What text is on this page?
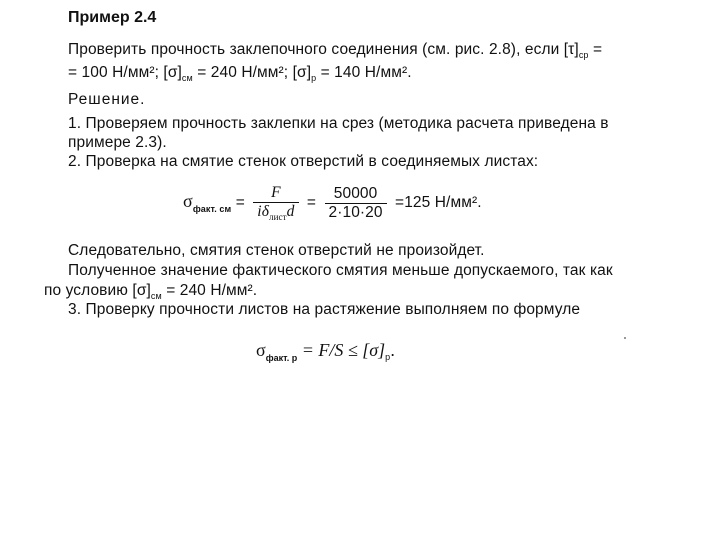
Пример 2.4
Проверить прочность заклепочного соединения (см. рис. 2.8), если $[\tau]_{ср}$ =
= 100 Н/мм²; $[\sigma]_{см} = 240$ Н/мм²; $[\sigma]_р = 140$ Н/мм².
Решение.
1. Проверяем прочность заклепки на срез (методика расчета приведена в
примере 2.3).
2. Проверка на смятие стенок отверстий в соединяемых листах:
$\sigma_{факт. см} = \frac{F}{i\delta_{лист}d} = \frac{50000}{2\cdot 10\cdot 20} =125$ Н/мм².
Следовательно, смятия стенок отверстий не произойдет.
Полученное значение фактического смятия меньше допускаемого, так как
по условию $[\sigma]_{см} = 240$ Н/мм².
3. Проверку прочности листов на растяжение выполняем по формуле
$\sigma_{факт. р} = F/S \le [\sigma]_р$.
